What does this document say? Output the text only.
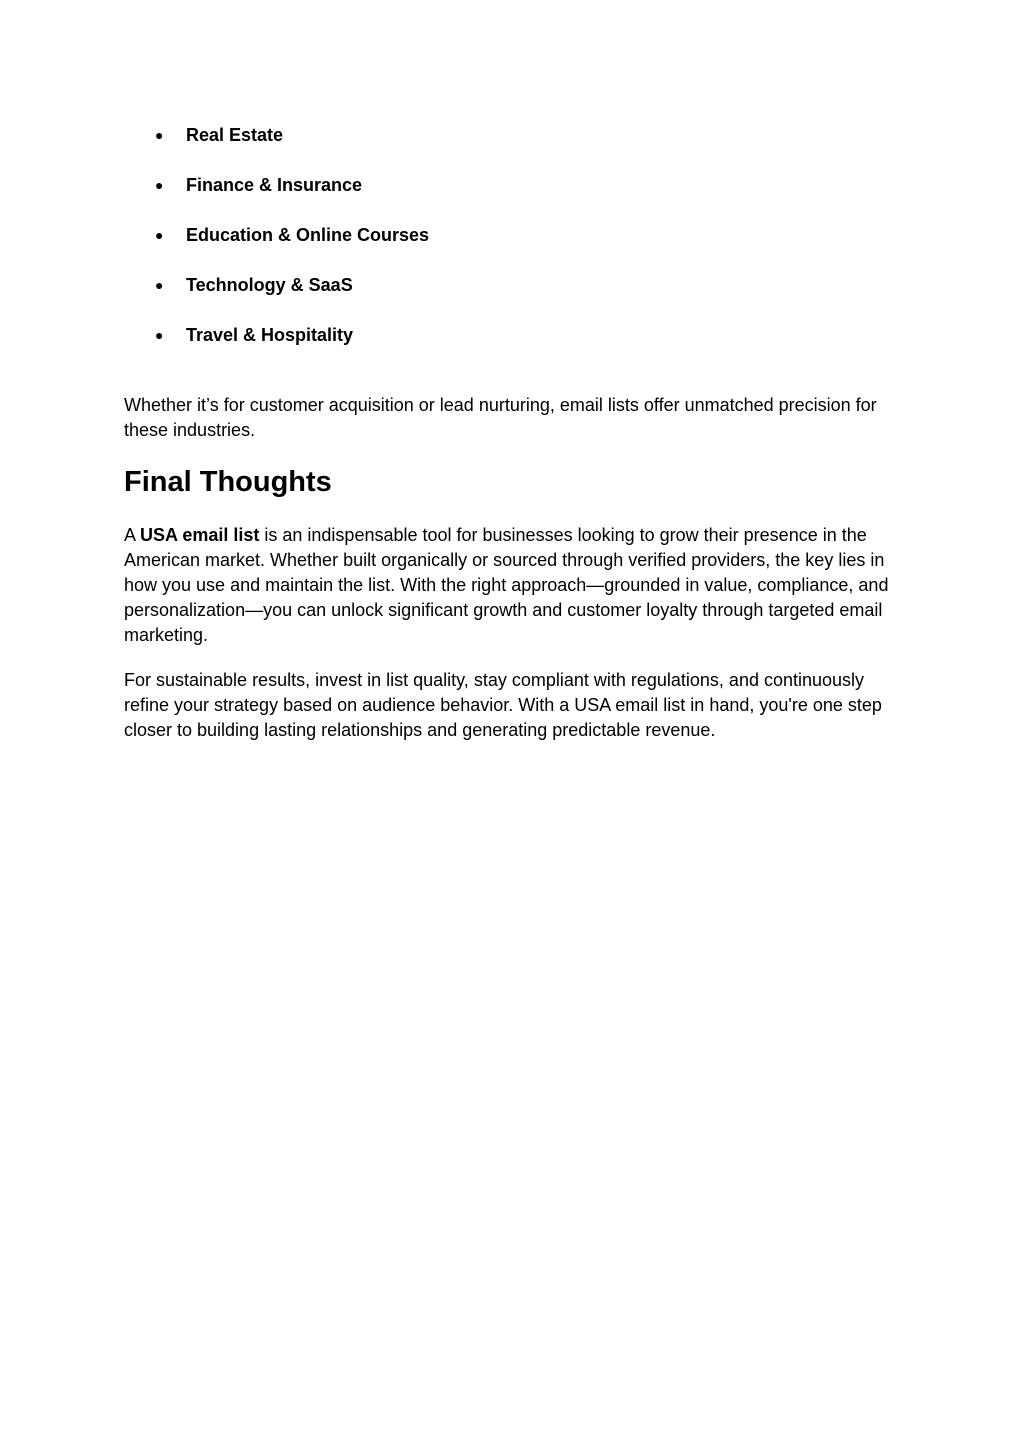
● Real Estate
● Finance & Insurance
● Education & Online Courses
● Technology & SaaS
● Travel & Hospitality

Whether it’s for customer acquisition or lead nurturing, email lists offer unmatched precision for these industries.

Final Thoughts

A USA email list is an indispensable tool for businesses looking to grow their presence in the American market. Whether built organically or sourced through verified providers, the key lies in how you use and maintain the list. With the right approach—grounded in value, compliance, and personalization—you can unlock significant growth and customer loyalty through targeted email marketing.

For sustainable results, invest in list quality, stay compliant with regulations, and continuously refine your strategy based on audience behavior. With a USA email list in hand, you're one step closer to building lasting relationships and generating predictable revenue.
